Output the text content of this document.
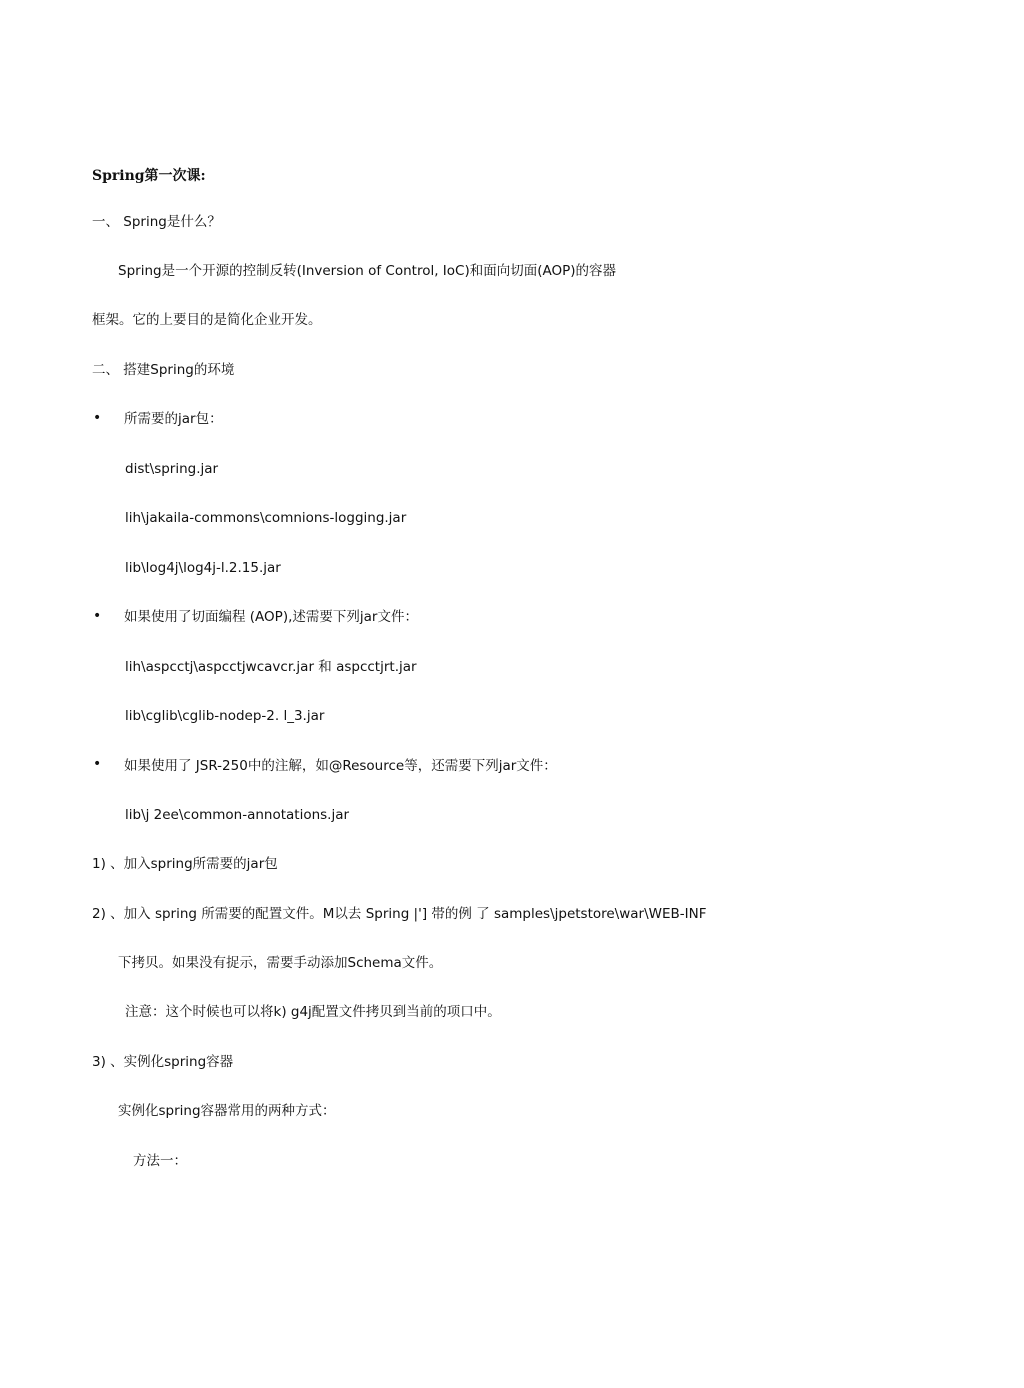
Spring第一次课:
一、 Spring是什么？
Spring是一个开源的控制反转(Inversion of Control, IoC)和面向切面(AOP)的容器
框架。它的上要目的是简化企业开发。
二、 搭建Spring的环境
• 所需要的jar包：
dist\spring.jar
lih\jakaila-commons\comnions-logging.jar
lib\log4j\log4j-l.2.15.jar
• 如果使用了切面编程 (AOP),述需要下列jar文件：
lih\aspcctj\aspcctjwcavcr.jar 和 aspcctjrt.jar
lib\cglib\cglib-nodep-2. l_3.jar
• 如果使用了 JSR-250中的注解，如@Resource等，还需要下列jar文件：
lib\j 2ee\common-annotations.jar
1) 、加入spring所需要的jar包
2) 、加入 spring 所需要的配置文件。M以去 Spring |'] 帯的例 了 samples\jpetstore\war\WEB-INF
下拷贝。如果没有捉示，需要手动添加Schema文件。
注意：这个时候也可以将k) g4j配置文件拷贝到当前的项口中。
3) 、实例化spring容器
实例化spring容器常用的两种方式：
方法一：
